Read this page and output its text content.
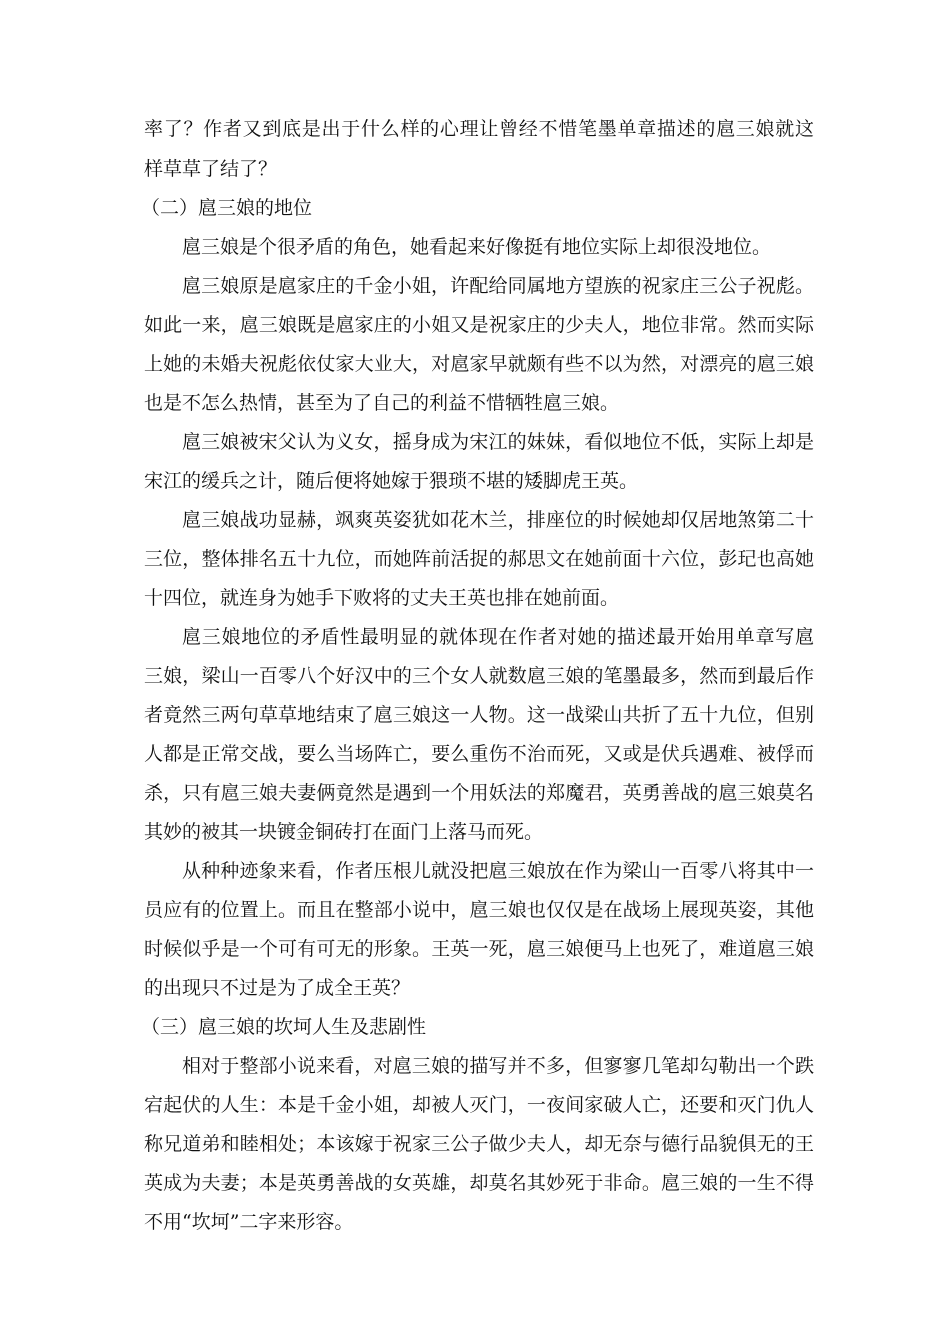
率了？作者又到底是出于什么样的心理让曾经不惜笔墨单章描述的扈三娘就这
样草草了结了？
（二）扈三娘的地位
扈三娘是个很矛盾的角色，她看起来好像挺有地位实际上却很没地位。
扈三娘原是扈家庄的千金小姐，许配给同属地方望族的祝家庄三公子祝彪。
如此一来，扈三娘既是扈家庄的小姐又是祝家庄的少夫人，地位非常。然而实际
上她的未婚夫祝彪依仗家大业大，对扈家早就颇有些不以为然，对漂亮的扈三娘
也是不怎么热情，甚至为了自己的利益不惜牺牲扈三娘。
扈三娘被宋父认为义女，摇身成为宋江的妹妹，看似地位不低，实际上却是
宋江的缓兵之计，随后便将她嫁于猥琐不堪的矮脚虎王英。
扈三娘战功显赫，飒爽英姿犹如花木兰，排座位的时候她却仅居地煞第二十
三位，整体排名五十九位，而她阵前活捉的郝思文在她前面十六位，彭玘也高她
十四位，就连身为她手下败将的丈夫王英也排在她前面。
扈三娘地位的矛盾性最明显的就体现在作者对她的描述最开始用单章写扈
三娘，梁山一百零八个好汉中的三个女人就数扈三娘的笔墨最多，然而到最后作
者竟然三两句草草地结束了扈三娘这一人物。这一战梁山共折了五十九位，但别
人都是正常交战，要么当场阵亡，要么重伤不治而死，又或是伏兵遇难、被俘而
杀，只有扈三娘夫妻俩竟然是遇到一个用妖法的郑魔君，英勇善战的扈三娘莫名
其妙的被其一块镀金铜砖打在面门上落马而死。
从种种迹象来看，作者压根儿就没把扈三娘放在作为梁山一百零八将其中一
员应有的位置上。而且在整部小说中，扈三娘也仅仅是在战场上展现英姿，其他
时候似乎是一个可有可无的形象。王英一死，扈三娘便马上也死了，难道扈三娘
的出现只不过是为了成全王英？
（三）扈三娘的坎坷人生及悲剧性
相对于整部小说来看，对扈三娘的描写并不多，但寥寥几笔却勾勒出一个跌
宕起伏的人生：本是千金小姐，却被人灭门，一夜间家破人亡，还要和灭门仇人
称兄道弟和睦相处；本该嫁于祝家三公子做少夫人，却无奈与德行品貌俱无的王
英成为夫妻；本是英勇善战的女英雄，却莫名其妙死于非命。扈三娘的一生不得
不用“坎坷”二字来形容。
